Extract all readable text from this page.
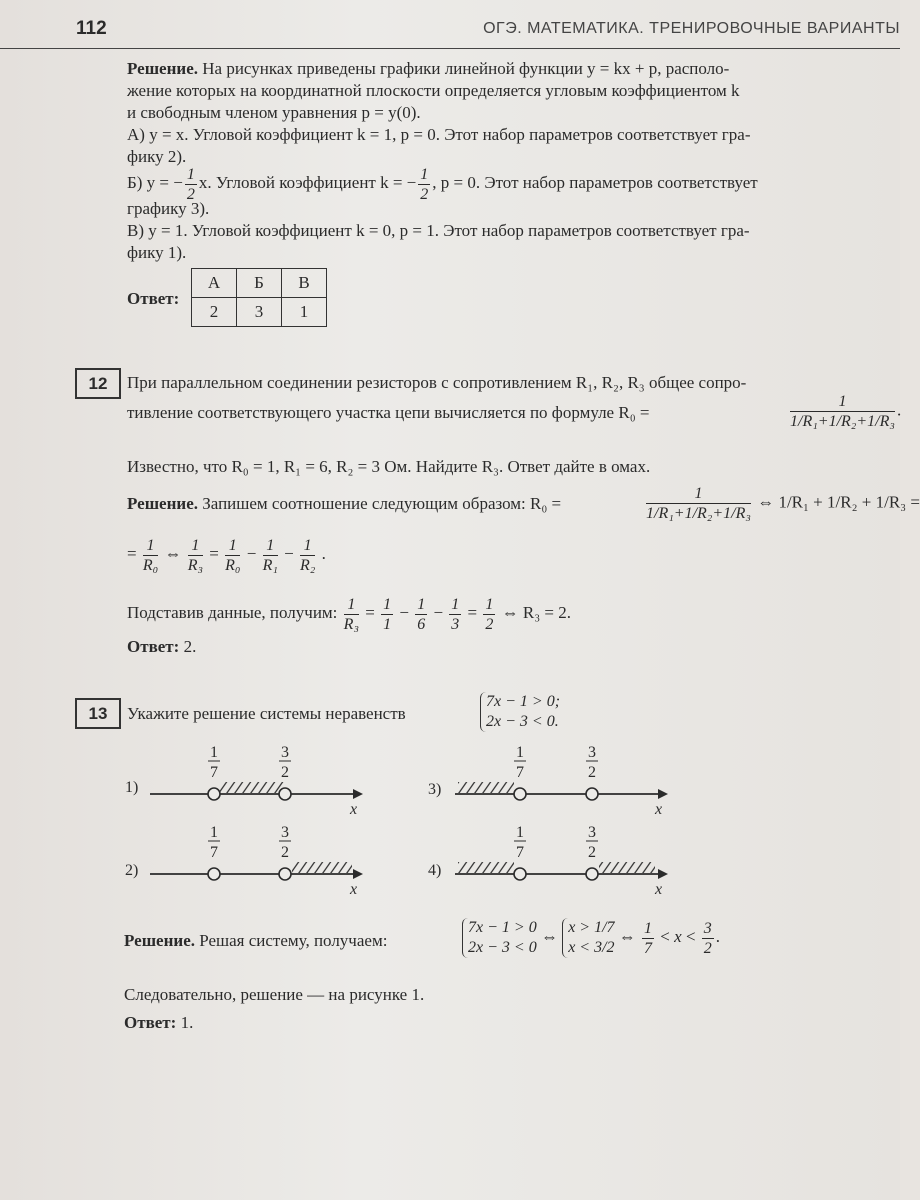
112	ОГЭ. МАТЕМАТИКА. ТРЕНИРОВОЧНЫЕ ВАРИАНТЫ
Решение. На рисунках приведены графики линейной функции y = kx + p, располо-
жение которых на координатной плоскости определяется угловым коэффициентом k
и свободным членом уравнения p = y(0).
А) y = x. Угловой коэффициент k = 1, p = 0. Этот набор параметров соответствует гра-
фику 2).
Б) y = − $\frac{1}{2} x$. Угловой коэффициент k = − $\frac{1}{2}$ , p = 0. Этот набор параметров соответствует
графику 3).
В) y = 1. Угловой коэффициент k = 0, p = 1. Этот набор параметров соответствует гра-
фику 1).
Ответ:
А	Б	В
2	3	1
12	При параллельном соединении резисторов с сопротивлением R₁, R₂, R₃ общее сопро-
тивление соответствующего участка цепи вычисляется по формуле R₀ =	$\frac{1}{\text{1/R₁+1/R₂+1/R₃}}$ .
Известно, что R₀ = 1, R₁ = 6, R₂ = 3 Ом. Найдите R₃. Ответ дайте в омах.
Решение. Запишем соотношение следующим образом: R₀ =	$\frac{1}{\text{1/R₁+1/R₂+1/R₃}}$ ⇔ 1/R₁ + 1/R₂ + 1/R₃ =
= $\frac{1}{\text{R₀}}$ ⇔ $\frac{1}{\text{R₃}} = \frac{1}{\text{R₀}} - \frac{1}{\text{R₁}} - \frac{1}{\text{R₂}}$ .
Подставив данные, получим: $\frac{1}{\text{R₃}} = \frac{1}{1} - \frac{1}{6} - \frac{1}{3} = \frac{1}{2}$ ⇔ R₃ = 2.
Ответ: 2.
13	Укажите решение системы неравенств
7x − 1 > 0;
2x − 3 < 0.
1)
1
7
3
2
x
2)
1
7
3
2
x
3)
1
7
3
2
x
4)
1
7
3
2
x
Решение. Решая систему, получаем:
7x − 1 > 0
2x − 3 < 0
⇔ x > 1/7
x < 3/2
⇔ $\frac{1}{7} < x < \frac{3}{2}$ .
Следовательно, решение — на рисунке 1.
Ответ: 1.
